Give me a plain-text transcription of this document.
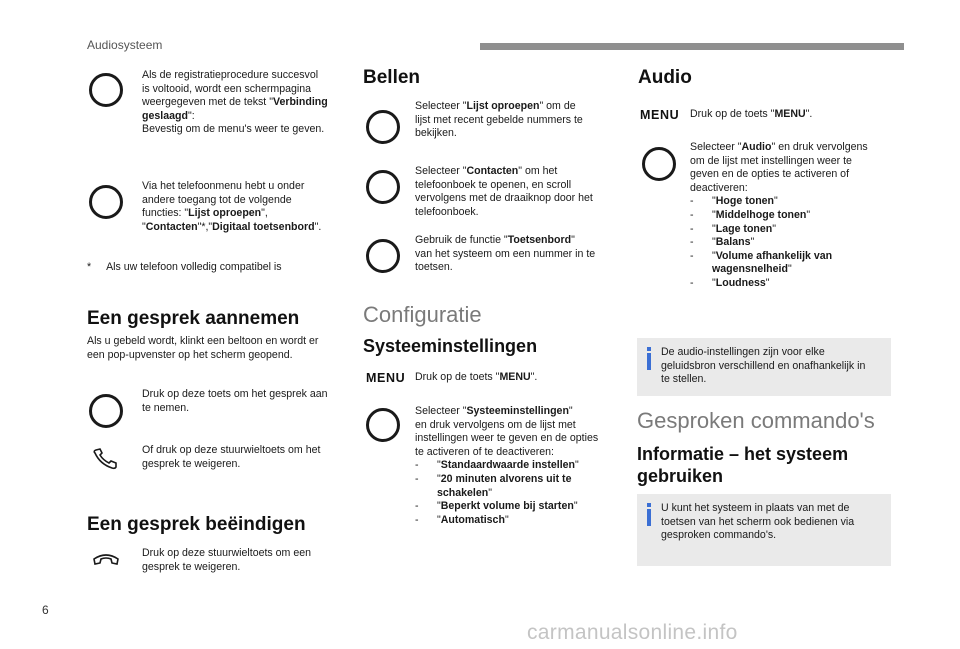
Audiosysteem
Als de registratieprocedure succesvol
is voltooid, wordt een schermpagina
weergegeven met de tekst "Verbinding
geslaagd":
Bevestig om de menu's weer te geven.
Via het telefoonmenu hebt u onder
andere toegang tot de volgende
functies: "Lijst oproepen",
"Contacten"*,"Digitaal toetsenbord".
* Als uw telefoon volledig compatibel is
Een gesprek aannemen
Als u gebeld wordt, klinkt een beltoon en wordt er
een pop-upvenster op het scherm geopend.
Druk op deze toets om het gesprek aan
te nemen.
Of druk op deze stuurwieltoets om het
gesprek te weigeren.
Een gesprek beëindigen
Druk op deze stuurwieltoets om een
gesprek te weigeren.
Bellen
Selecteer "Lijst oproepen" om de
lijst met recent gebelde nummers te
bekijken.
Selecteer "Contacten" om het
telefoonboek te openen, en scroll
vervolgens met de draaiknop door het
telefoonboek.
Gebruik de functie "Toetsenbord"
van het systeem om een nummer in te
toetsen.
Configuratie
Systeeminstellingen
MENU Druk op de toets "MENU".
Selecteer "Systeeminstellingen"
en druk vervolgens om de lijst met
instellingen weer te geven en de opties
te activeren of te deactiveren:
- "Standaardwaarde instellen"
- "20 minuten alvorens uit te schakelen"
- "Beperkt volume bij starten"
- "Automatisch"
Audio
MENU Druk op de toets "MENU".
Selecteer "Audio" en druk vervolgens
om de lijst met instellingen weer te
geven en de opties te activeren of
deactiveren:
- "Hoge tonen"
- "Middelhoge tonen"
- "Lage tonen"
- "Balans"
- "Volume afhankelijk van wagensnelheid"
- "Loudness"
De audio-instellingen zijn voor elke
geluidsbron verschillend en onafhankelijk in
te stellen.
Gesproken commando's
Informatie – het systeem
gebruiken
U kunt het systeem in plaats van met de
toetsen van het scherm ook bedienen via
gesproken commando's.
6
carmanualsonline.info
